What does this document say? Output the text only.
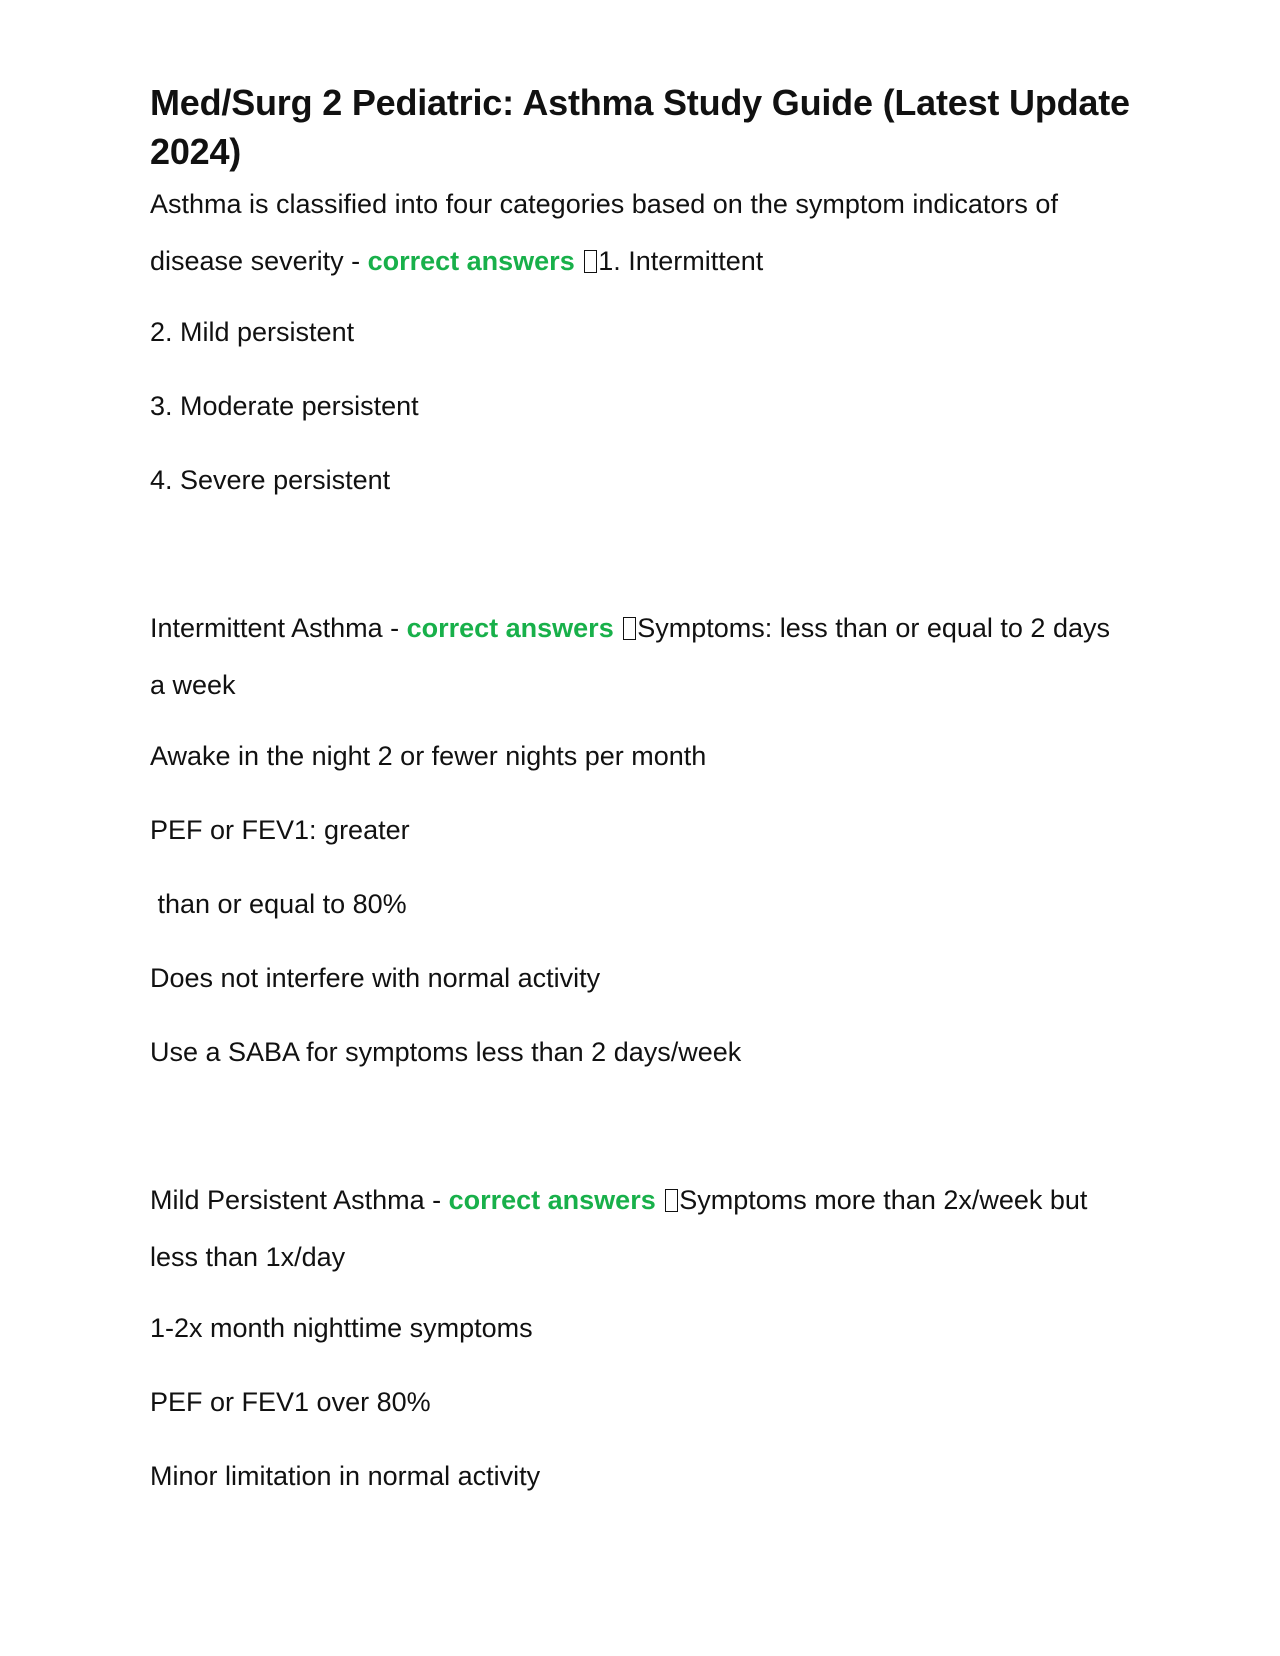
Med/Surg 2 Pediatric: Asthma Study Guide (Latest Update 2024)

Asthma is classified into four categories based on the symptom indicators of disease severity - correct answers 1. Intermittent

2. Mild persistent

3. Moderate persistent

4. Severe persistent

Intermittent Asthma - correct answers Symptoms: less than or equal to 2 days a week

Awake in the night 2 or fewer nights per month

PEF or FEV1: greater

than or equal to 80%

Does not interfere with normal activity

Use a SABA for symptoms less than 2 days/week

Mild Persistent Asthma - correct answers Symptoms more than 2x/week but less than 1x/day

1-2x month nighttime symptoms

PEF or FEV1 over 80%

Minor limitation in normal activity
